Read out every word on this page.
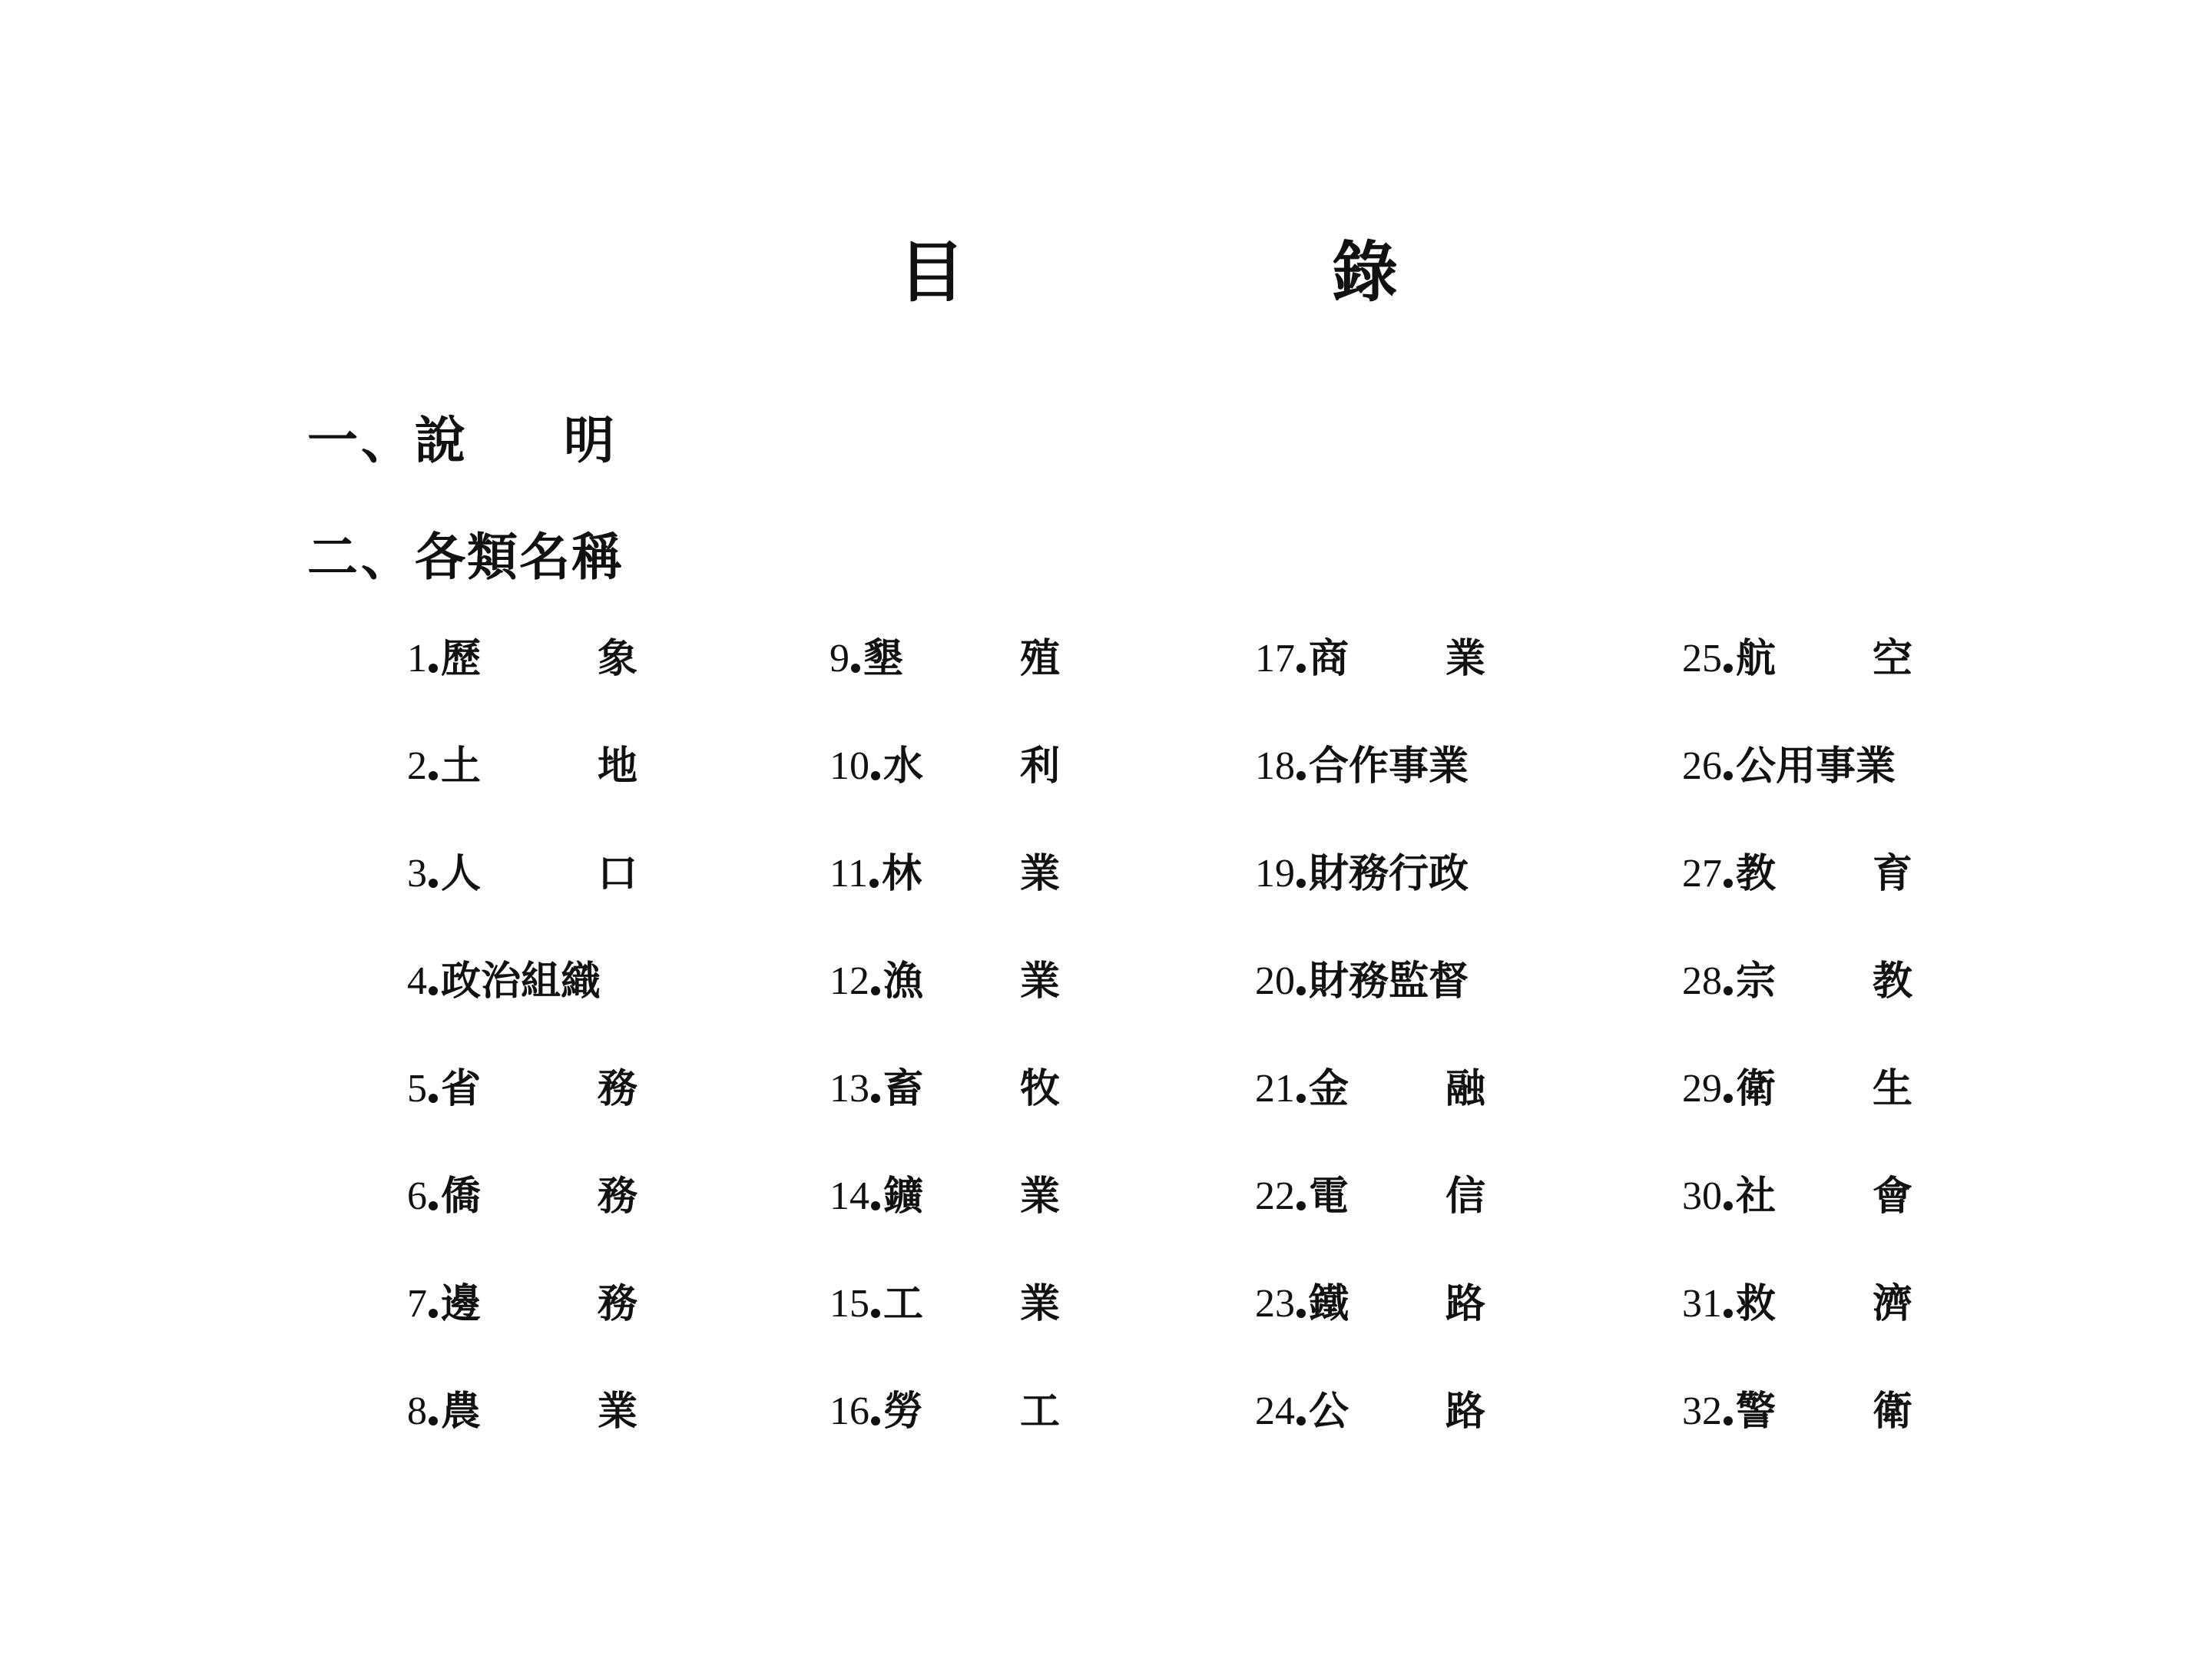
目	錄
一、 說 明
二、 各類名稱
1 歷	象
2 土	地
3 人	口
4 政治組織
5 省	務
6 僑	務
7 邊	務
8 農	業
9 墾	殖
10 水 利
11 林 業
12 漁 業
13 畜 牧
14 鑛 業
15 工 業
16 勞 工
17 商 業
18 合作事業
19 財務行政
20 財務監督
21 金 融
22 電 信
23 鐵 路
24 公 路
25 航 空
26 公用事業
27 教 育
28 宗 教
29 衛 生
30 社 會
31 救 濟
32 警 衛
